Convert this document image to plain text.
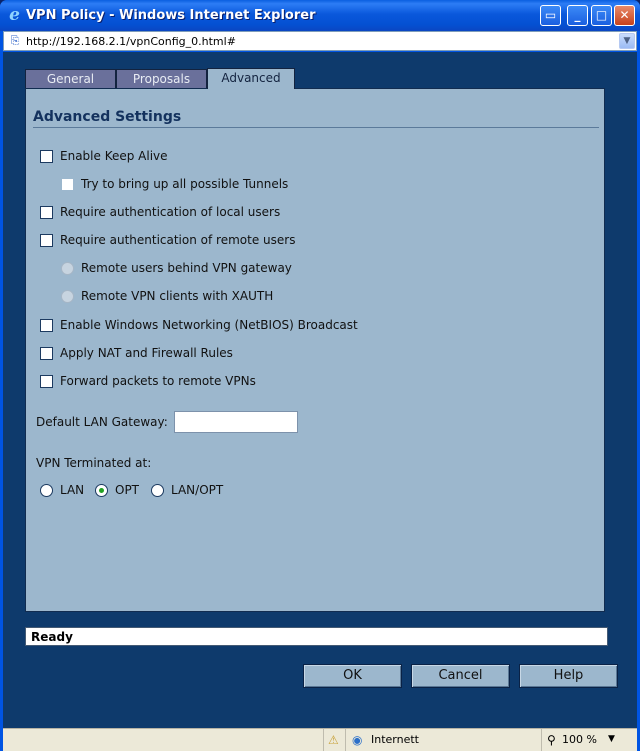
e VPN Policy - Windows Internet Explorer	▭	_	□	✕
⎘ http://192.168.2.1/vpnConfig_0.html#	▼
General	Proposals	Advanced
Advanced Settings
Enable Keep Alive
Try to bring up all possible Tunnels
Require authentication of local users
Require authentication of remote users
Remote users behind VPN gateway
Remote VPN clients with XAUTH
Enable Windows Networking (NetBIOS) Broadcast
Apply NAT and Firewall Rules
Forward packets to remote VPNs
Default LAN Gateway:
VPN Terminated at:
LAN	OPT	LAN/OPT
Ready
OK	Cancel	Help
⚠ ◉ Internett	⚲ 100 % ▼
